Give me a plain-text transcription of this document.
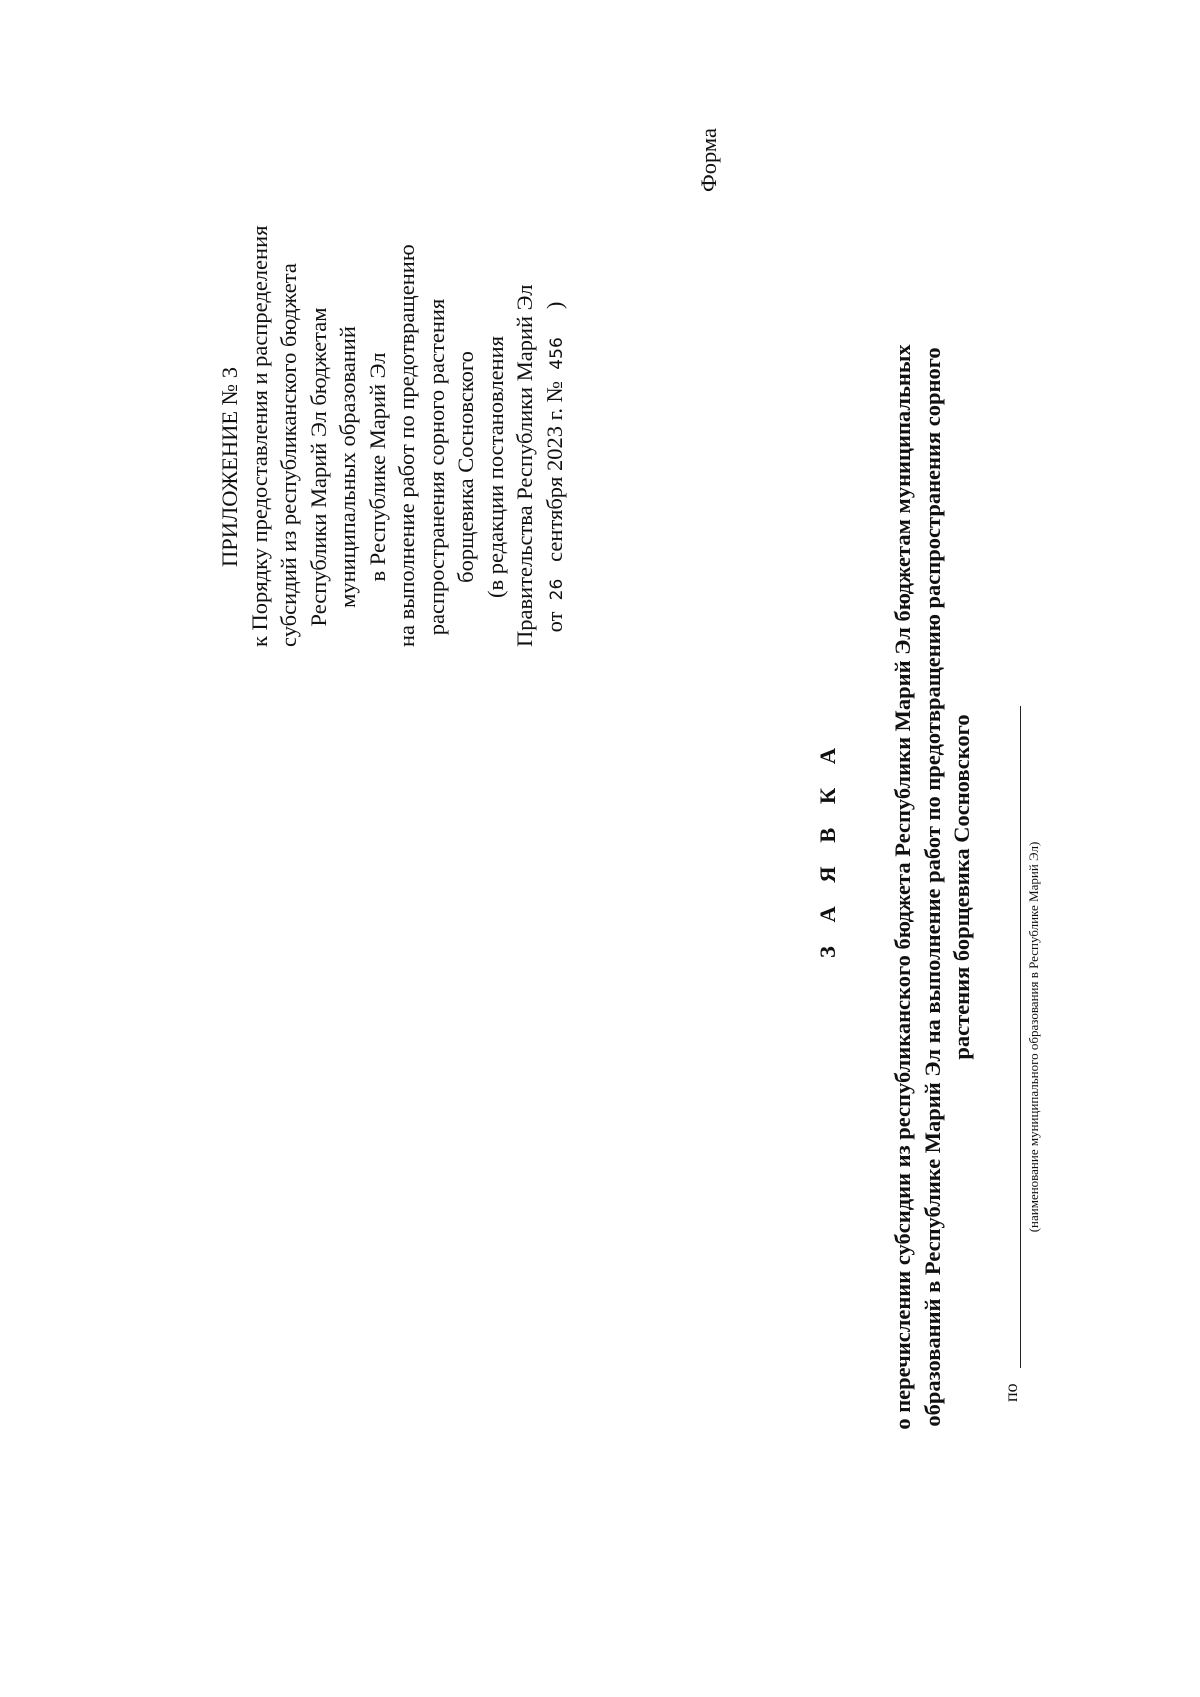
ПРИЛОЖЕНИЕ № 3 к Порядку предоставления и распределения субсидий из республиканского бюджета Республики Марий Эл бюджетам муниципальных образований в Республике Марий Эл на выполнение работ по предотвращению распространения сорного растения борщевика Сосновского (в редакции постановления Правительства Республики Марий Эл от  26   сентября 2023 г. №  456     )
Форма
З А Я В К А о перечислении субсидии из республиканского бюджета Республики Марий Эл бюджетам муниципальных образований в Республике Марий Эл на выполнение работ по предотвращению распространения сорного растения борщевика Сосновского
по
(наименование муниципального образования в Республике Марий Эл)
